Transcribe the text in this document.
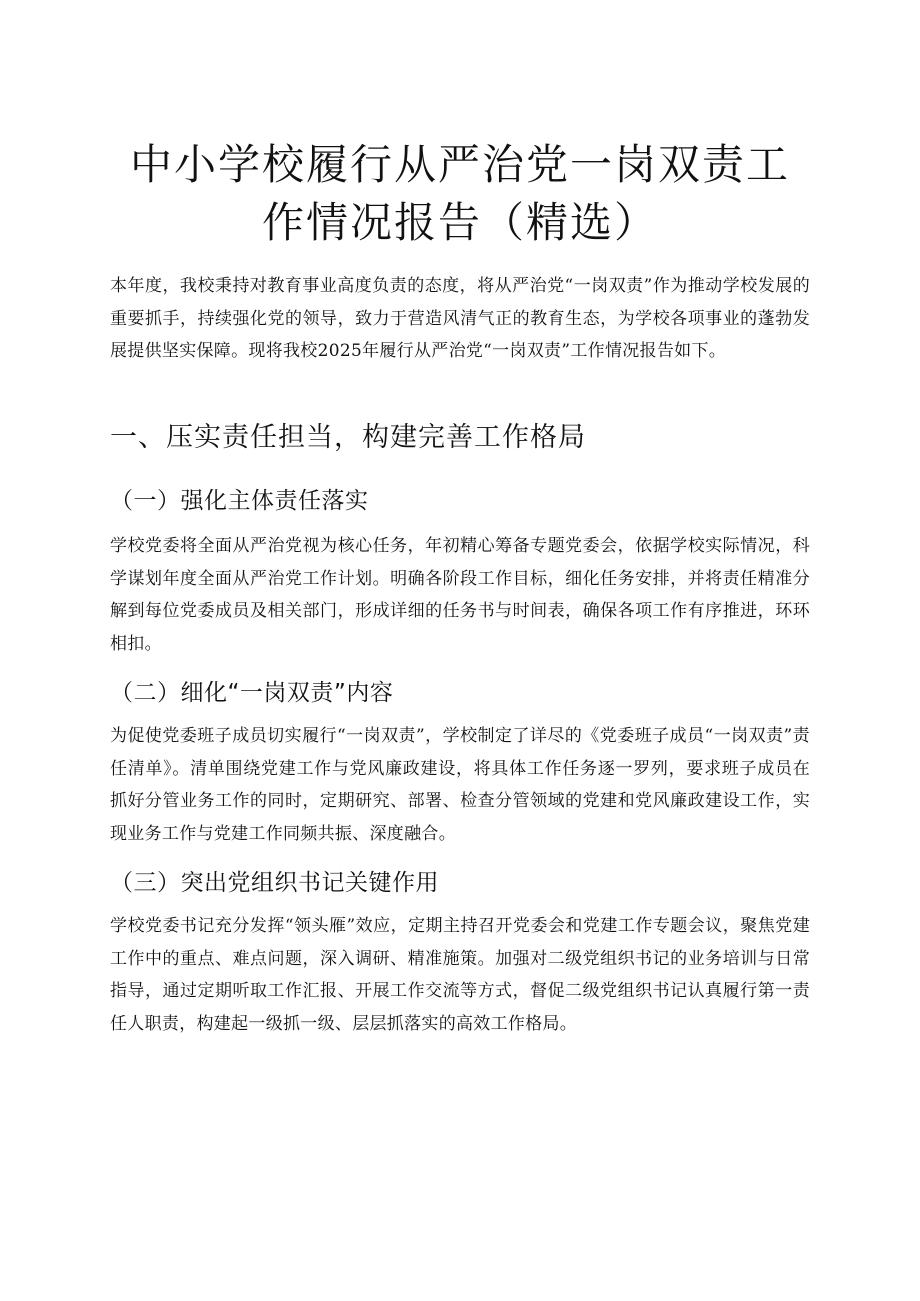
中小学校履行从严治党一岗双责工作情况报告（精选）

本年度，我校秉持对教育事业高度负责的态度，将从严治党“一岗双责”作为推动学校发展的重要抓手，持续强化党的领导，致力于营造风清气正的教育生态，为学校各项事业的蓬勃发展提供坚实保障。现将我校2025年履行从严治党“一岗双责”工作情况报告如下。

一、压实责任担当，构建完善工作格局
（一）强化主体责任落实

学校党委将全面从严治党视为核心任务，年初精心筹备专题党委会，依据学校实际情况，科学谋划年度全面从严治党工作计划。明确各阶段工作目标，细化任务安排，并将责任精准分解到每位党委成员及相关部门，形成详细的任务书与时间表，确保各项工作有序推进，环环相扣。

（二）细化“一岗双责”内容

为促使党委班子成员切实履行“一岗双责”，学校制定了详尽的《党委班子成员“一岗双责”责任清单》。清单围绕党建工作与党风廉政建设，将具体工作任务逐一罗列，要求班子成员在抓好分管业务工作的同时，定期研究、部署、检查分管领域的党建和党风廉政建设工作，实现业务工作与党建工作同频共振、深度融合。

（三）突出党组织书记关键作用

学校党委书记充分发挥“领头雁”效应，定期主持召开党委会和党建工作专题会议，聚焦党建工作中的重点、难点问题，深入调研、精准施策。加强对二级党组织书记的业务培训与日常指导，通过定期听取工作汇报、开展工作交流等方式，督促二级党组织书记认真履行第一责任人职责，构建起一级抓一级、层层抓落实的高效工作格局。
